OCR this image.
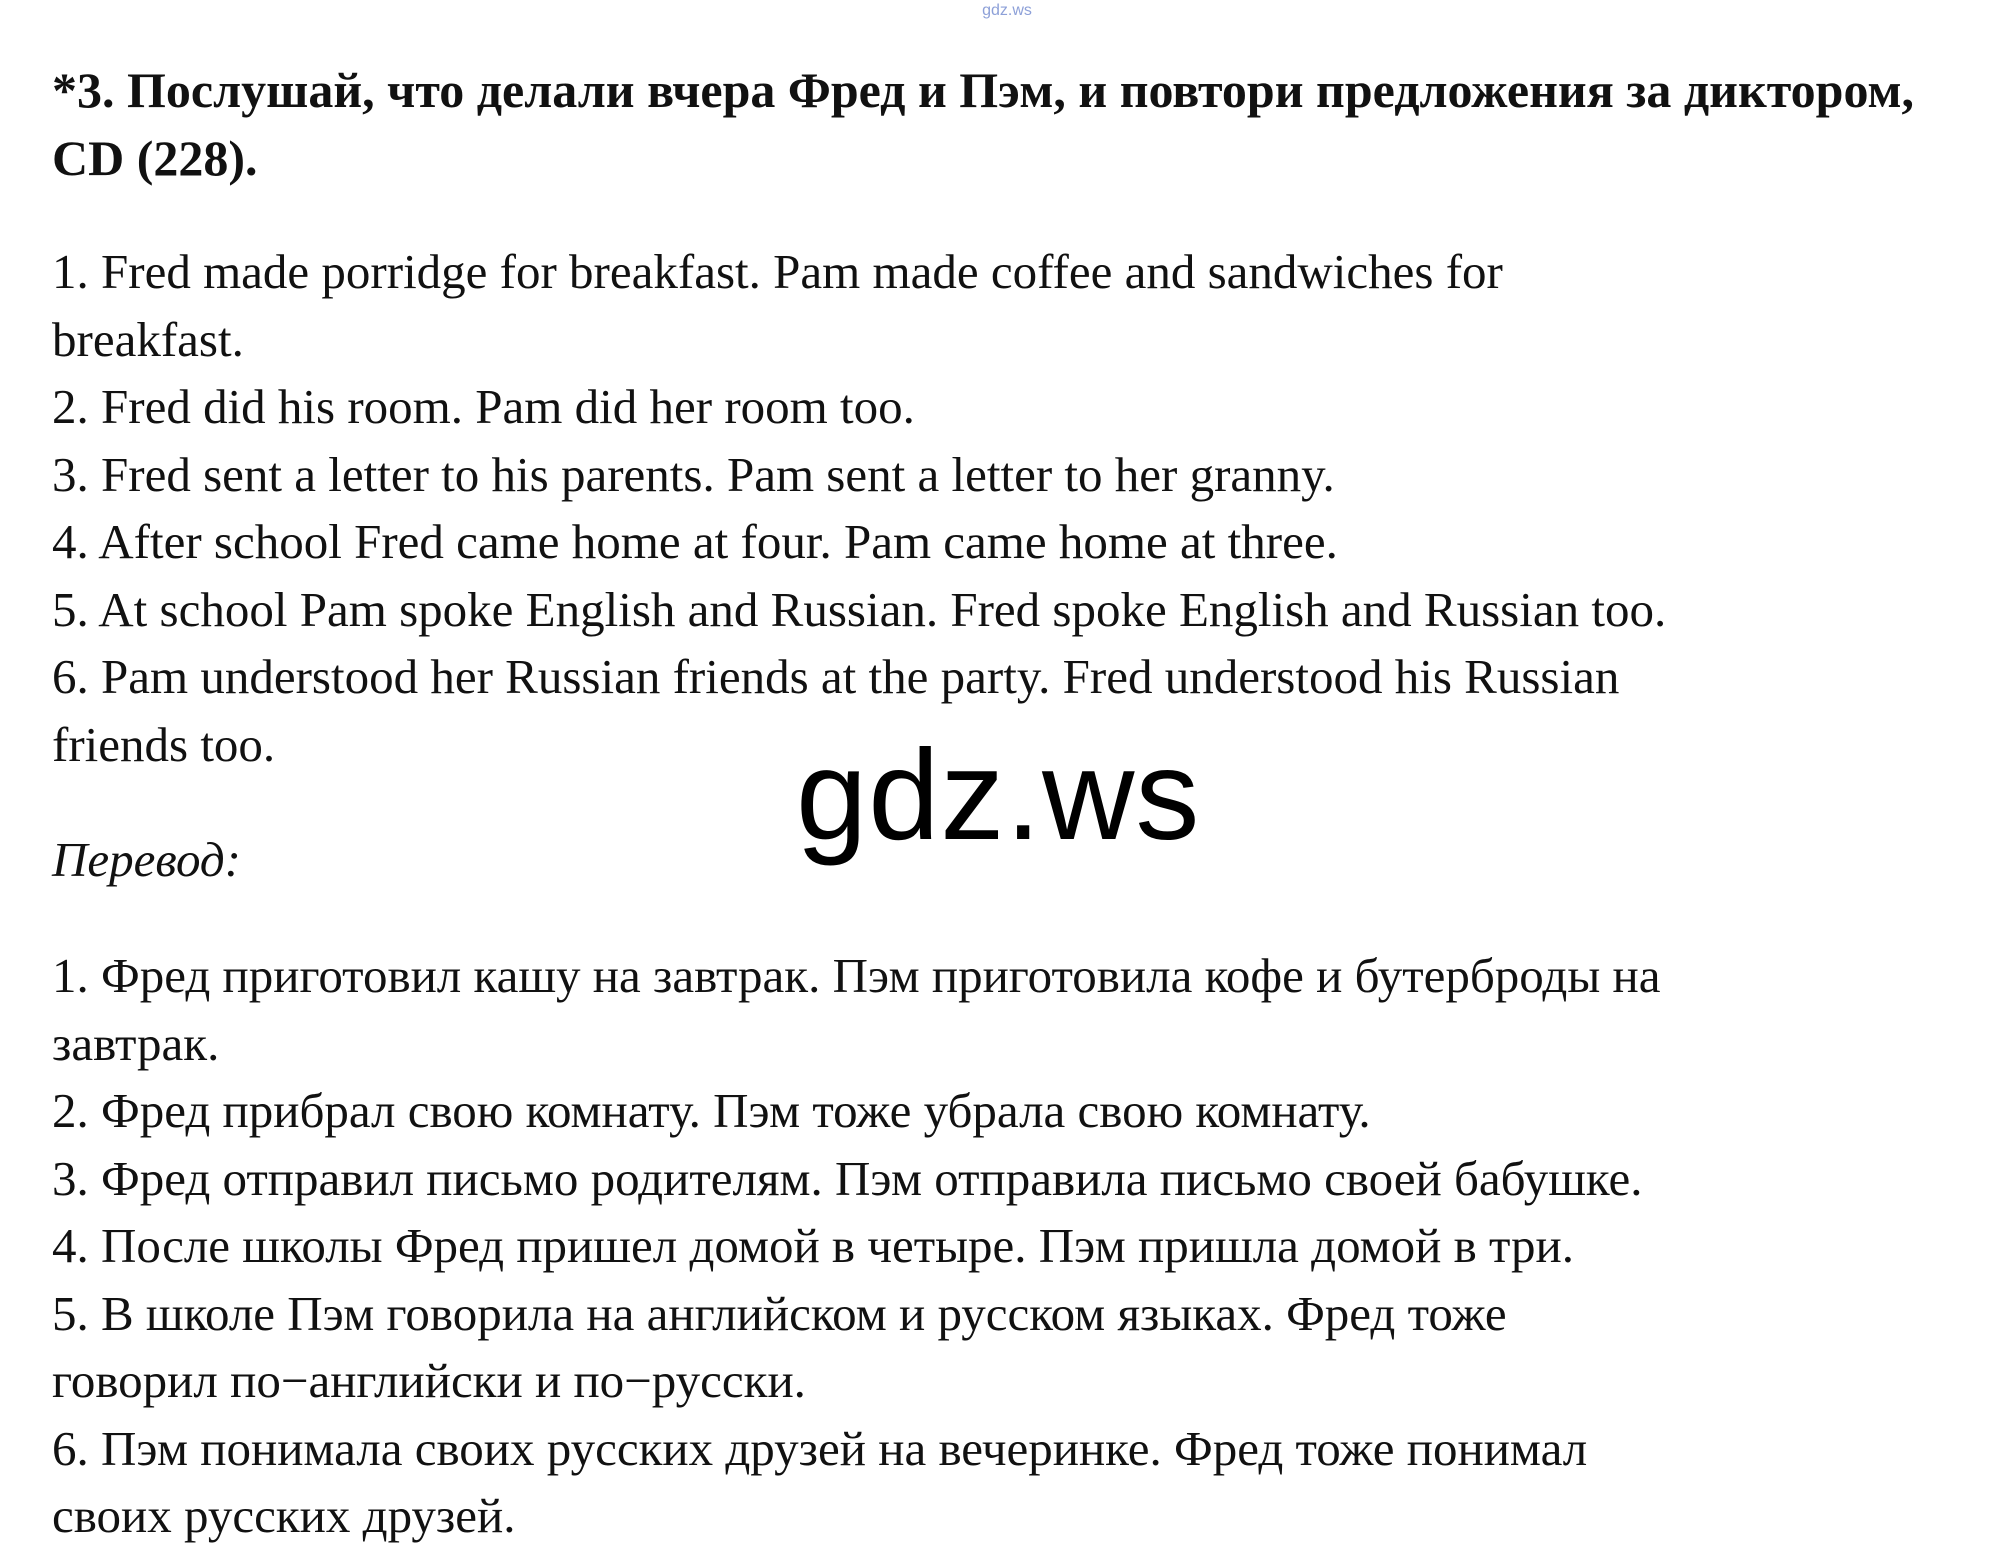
gdz.ws
*3. Послушай, что делали вчера Фред и Пэм, и повтори предложения за диктором, CD (228).
1. Fred made porridge for breakfast. Pam made coffee and sandwiches for
breakfast.
2. Fred did his room. Pam did her room too.
3. Fred sent a letter to his parents. Pam sent a letter to her granny.
4. After school Fred came home at four. Pam came home at three.
5. At school Pam spoke English and Russian. Fred spoke English and Russian too.
6. Pam understood her Russian friends at the party. Fred understood his Russian
friends too.	gdz.ws

Перевод:

1. Фред приготовил кашу на завтрак. Пэм приготовила кофе и бутерброды на
завтрак.
2. Фред прибрал свою комнату. Пэм тоже убрала свою комнату.
3. Фред отправил письмо родителям. Пэм отправила письмо своей бабушке.
4. После школы Фред пришел домой в четыре. Пэм пришла домой в три.
5. В школе Пэм говорила на английском и русском языках. Фред тоже
говорил по−английски и по−русски.
6. Пэм понимала своих русских друзей на вечеринке. Фред тоже понимал
своих русских друзей.
